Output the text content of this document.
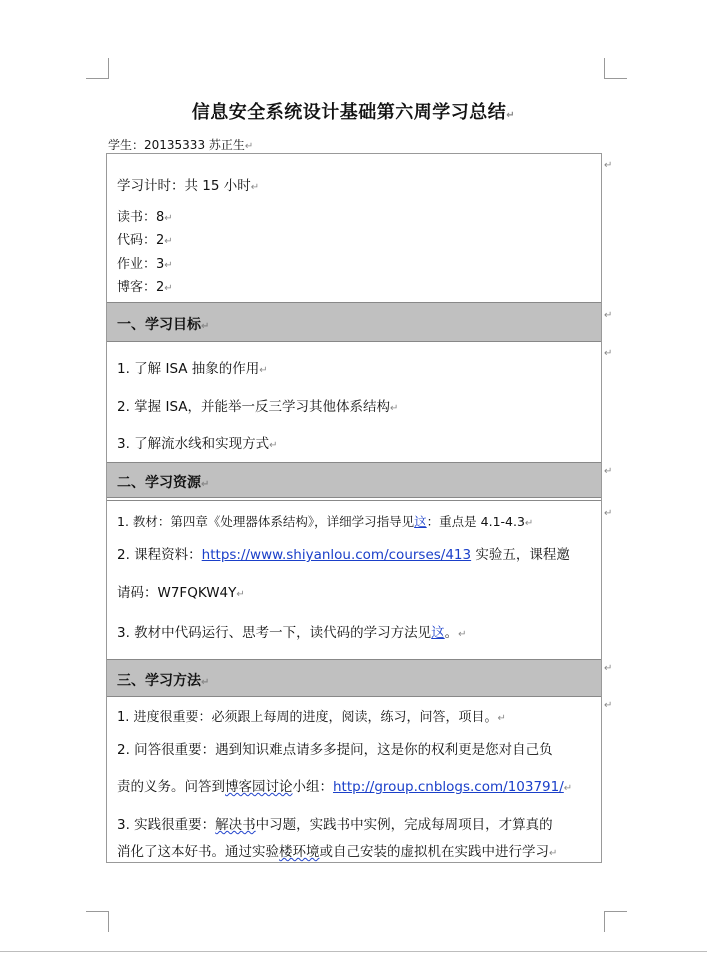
信息安全系统设计基础第六周学习总结↵
学生：20135333 苏正生↵
学习计时：共 15 小时↵
读书：8↵
代码：2↵
作业：3↵
博客：2↵
一、学习目标↵
1. 了解 ISA 抽象的作用↵
2. 掌握 ISA，并能举一反三学习其他体系结构↵
3. 了解流水线和实现方式↵
二、学习资源↵
1. 教材：第四章《处理器体系结构》，详细学习指导见这：重点是 4.1-4.3↵
2. 课程资料：https://www.shiyanlou.com/courses/413 实验五，课程邀
请码：W7FQKW4Y↵
3. 教材中代码运行、思考一下，读代码的学习方法见这。↵
三、学习方法↵
1. 进度很重要：必须跟上每周的进度，阅读，练习，问答，项目。↵
2. 问答很重要：遇到知识难点请多多提问，这是你的权利更是您对自己负
责的义务。问答到博客园讨论小组：http://group.cnblogs.com/103791/↵
3. 实践很重要：解决书中习题，实践书中实例，完成每周项目，才算真的
消化了这本好书。通过实验楼环境或自己安装的虚拟机在实践中进行学习↵
↵
↵
↵
↵
↵
↵
↵
